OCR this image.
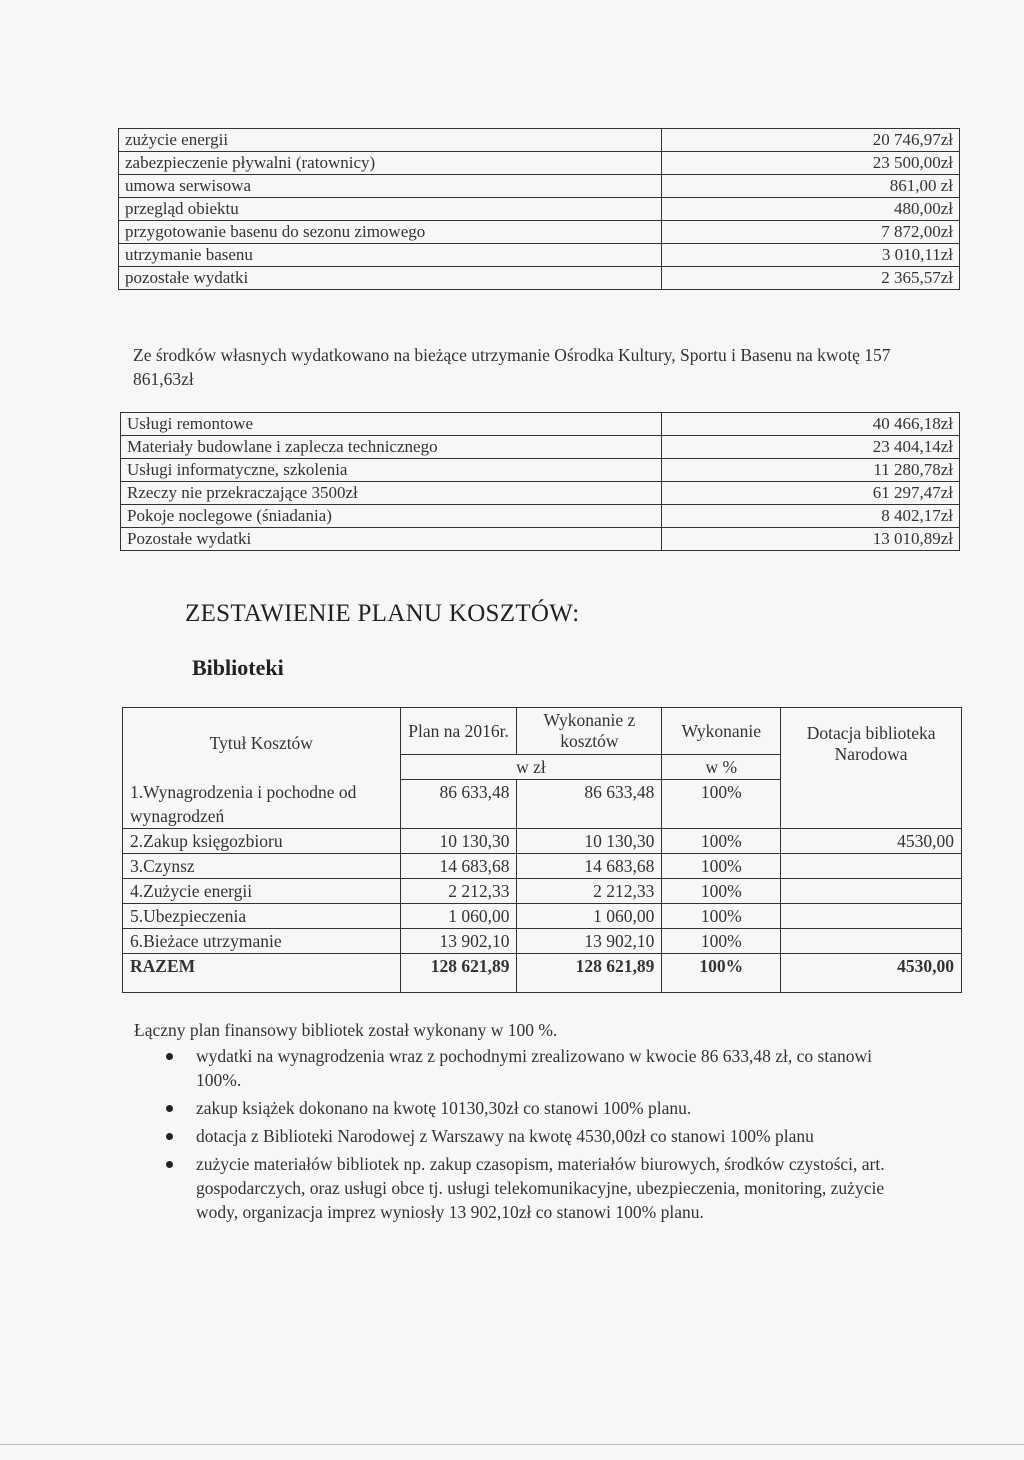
zużycie energii	20 746,97zł
zabezpieczenie pływalni (ratownicy)	23 500,00zł
umowa serwisowa	861,00 zł
przegląd obiektu	480,00zł
przygotowanie basenu do sezonu zimowego	7 872,00zł
utrzymanie basenu	3 010,11zł
pozostałe wydatki	2 365,57zł

Ze środków własnych wydatkowano na bieżące utrzymanie Ośrodka Kultury, Sportu i Basenu na kwotę 157 861,63zł

Usługi remontowe	40 466,18zł
Materiały budowlane i zaplecza technicznego	23 404,14zł
Usługi informatyczne, szkolenia	11 280,78zł
Rzeczy nie przekraczające 3500zł	61 297,47zł
Pokoje noclegowe (śniadania)	8 402,17zł
Pozostałe wydatki	13 010,89zł
ZESTAWIENIE PLANU KOSZTÓW:
Biblioteki
Tytuł Kosztów	Plan na 2016r.	Wykonanie z kosztów	Wykonanie	Dotacja biblioteka Narodowa
	w zł		w %	
1.Wynagrodzenia i pochodne od wynagrodzeń	86 633,48	86 633,48	100%	
2.Zakup księgozbioru	10 130,30	10 130,30	100%	4530,00
3.Czynsz	14 683,68	14 683,68	100%	
4.Zużycie energii	2 212,33	2 212,33	100%	
5.Ubezpieczenia	1 060,00	1 060,00	100%	
6.Bieżace utrzymanie	13 902,10	13 902,10	100%	
RAZEM	128 621,89	128 621,89	100%	4530,00

Łączny plan finansowy bibliotek został wykonany w 100 %.

wydatki na wynagrodzenia wraz z pochodnymi zrealizowano w kwocie 86 633,48 zł, co stanowi 100%.
zakup książek dokonano na kwotę 10130,30zł co stanowi 100% planu.
dotacja z Biblioteki Narodowej z Warszawy na kwotę 4530,00zł co stanowi 100% planu
zużycie materiałów bibliotek np. zakup czasopism, materiałów biurowych, środków czystości, art. gospodarczych, oraz usługi obce tj. usługi telekomunikacyjne, ubezpieczenia, monitoring, zużycie wody, organizacja imprez wyniosły 13 902,10zł co stanowi 100% planu.
